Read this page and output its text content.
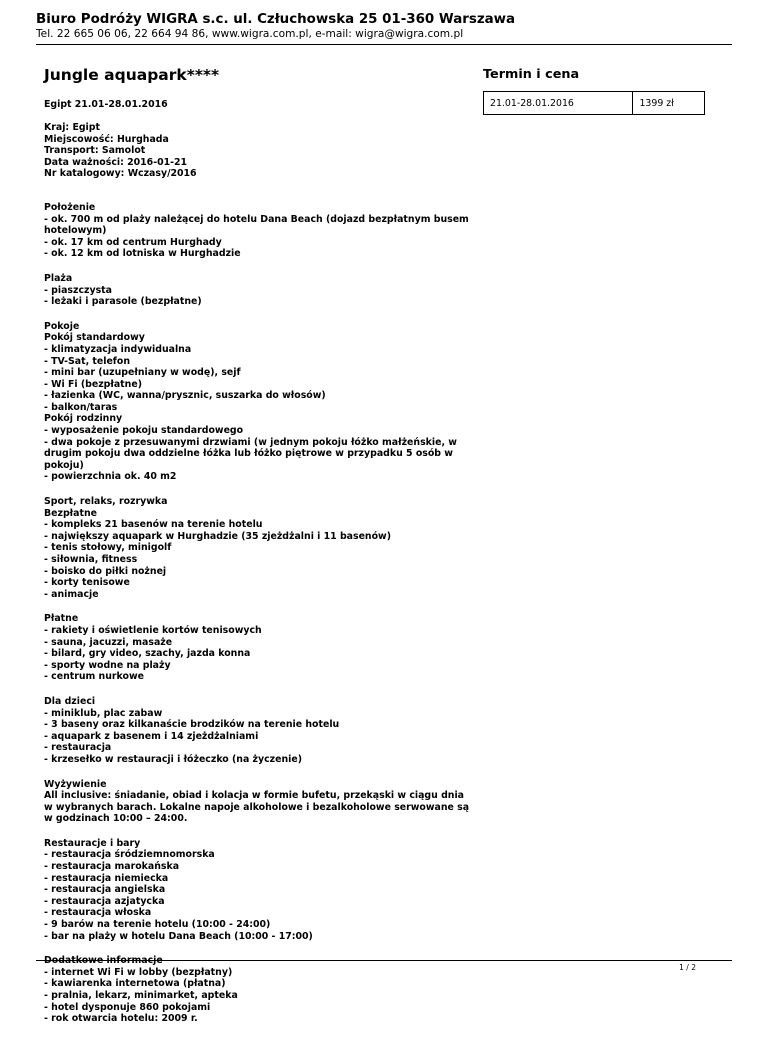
Biuro Podróży WIGRA s.c. ul. Człuchowska 25 01-360 Warszawa

Tel. 22 665 06 06, 22 664 94 86, www.wigra.com.pl, e-mail: wigra@wigra.com.pl

Jungle aquapark****
Egipt 21.01-28.01.2016
Kraj: Egipt
Miejscowość: Hurghada
Transport: Samolot
Data ważności: 2016-01-21
Nr katalogowy: Wczasy/2016
Położenie
- ok. 700 m od plaży należącej do hotelu Dana Beach (dojazd bezpłatnym busem hotelowym)
- ok. 17 km od centrum Hurghady
- ok. 12 km od lotniska w Hurghadzie
Plaża
- piaszczysta
- leżaki i parasole (bezpłatne)
Pokoje
Pokój standardowy
- klimatyzacja indywidualna
- TV-Sat, telefon
- mini bar (uzupełniany w wodę), sejf
- Wi Fi (bezpłatne)
- łazienka (WC, wanna/prysznic, suszarka do włosów)
- balkon/taras
Pokój rodzinny
- wyposażenie pokoju standardowego
- dwa pokoje z przesuwanymi drzwiami (w jednym pokoju łóżko małżeńskie, w drugim pokoju dwa oddzielne łóżka lub łóżko piętrowe w przypadku 5 osób w pokoju)
- powierzchnia ok. 40 m2
Sport, relaks, rozrywka
Bezpłatne
- kompleks 21 basenów na terenie hotelu
- największy aquapark w Hurghadzie (35 zjeżdżalni i 11 basenów)
- tenis stołowy, minigolf
- siłownia, fitness
- boisko do piłki nożnej
- korty tenisowe
- animacje
Płatne
- rakiety i oświetlenie kortów tenisowych
- sauna, jacuzzi, masaże
- bilard, gry video, szachy, jazda konna
- sporty wodne na plaży
- centrum nurkowe
Dla dzieci
- miniklub, plac zabaw
- 3 baseny oraz kilkanaście brodzików na terenie hotelu
- aquapark z basenem i 14 zjeżdżalniami
- restauracja
- krzesełko w restauracji i łóżeczko (na życzenie)
Wyżywienie
All inclusive: śniadanie, obiad i kolacja w formie bufetu, przekąski w ciągu dnia w wybranych barach. Lokalne napoje alkoholowe i bezalkoholowe serwowane są w godzinach 10:00 – 24:00.
Restauracje i bary
- restauracja śródziemnomorska
- restauracja marokańska
- restauracja niemiecka
- restauracja angielska
- restauracja azjatycka
- restauracja włoska
- 9 barów na terenie hotelu (10:00 - 24:00)
- bar na plaży w hotelu Dana Beach (10:00 - 17:00)
Dodatkowe informacje
- internet Wi Fi w lobby (bezpłatny)
- kawiarenka internetowa (płatna)
- pralnia, lekarz, minimarket, apteka
- hotel dysponuje 860 pokojami
- rok otwarcia hotelu: 2009 r.
Termin i cena
21.01-28.01.2016	1399 zł
1 / 2
